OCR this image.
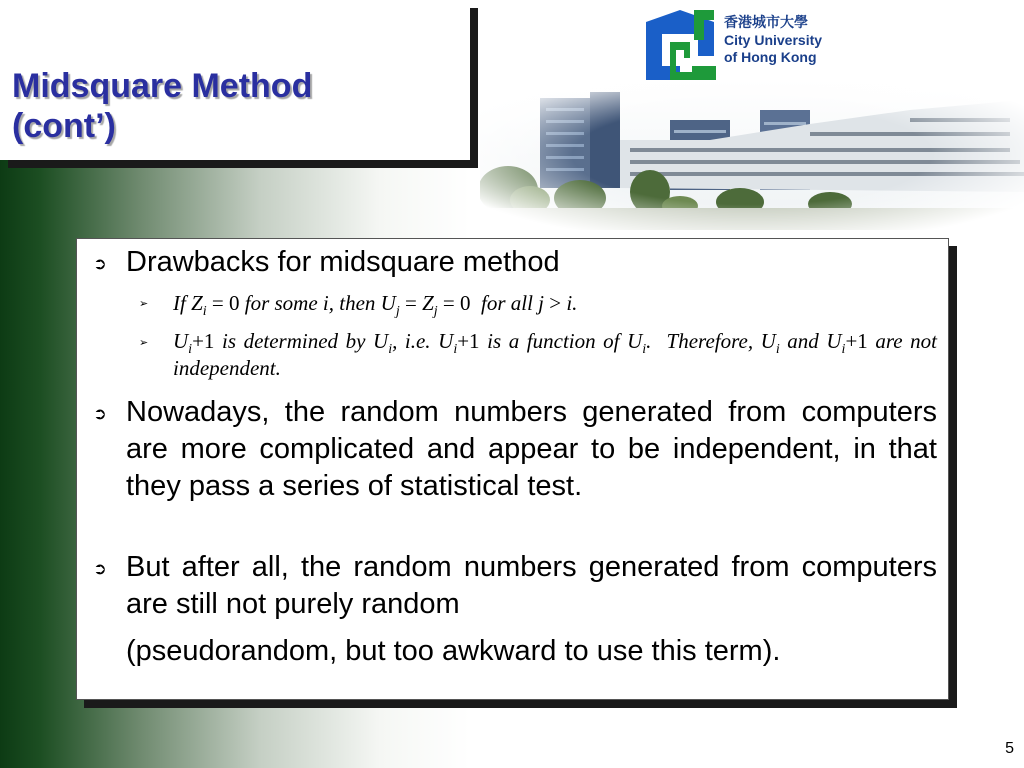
Midsquare Method
(cont’)
香港城市大學
City University
of Hong Kong
➲ Drawbacks for midsquare method
➢ If $Z_i = 0$ for some i, then $U_j = Z_j = 0$  for all j > i.
➢ $U_i+1$ is determined by $U_i$, i.e. $U_i+1$ is a function of $U_i$.  Therefore, $U_i$ and $U_i+1$ are not independent.
➲ Nowadays, the random numbers generated from computers are more complicated and appear to be independent, in that they pass a series of statistical test.
➲ But after all, the random numbers generated from computers are still not purely random
(pseudorandom, but too awkward to use this term).
5
